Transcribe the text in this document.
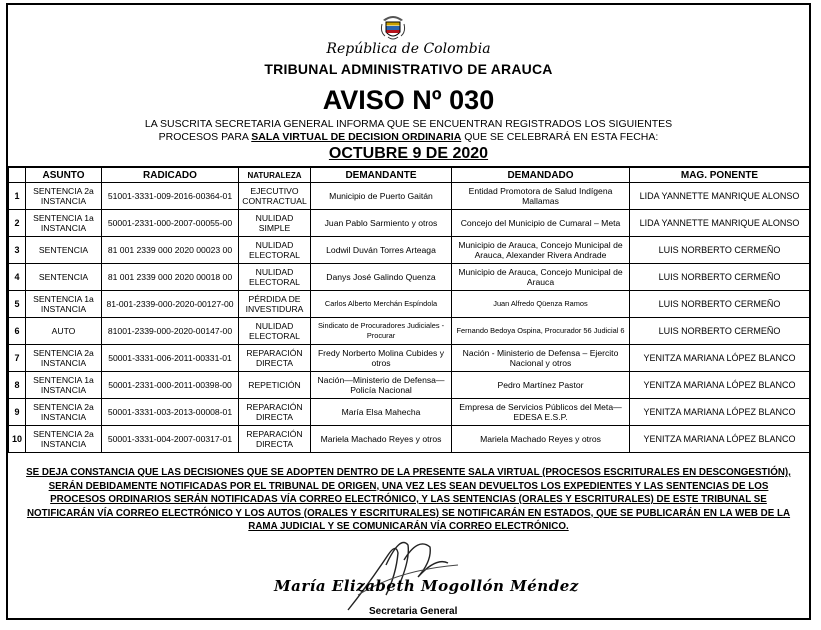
República de Colombia
TRIBUNAL ADMINISTRATIVO DE ARAUCA
AVISO Nº 030
LA SUSCRITA SECRETARIA GENERAL INFORMA QUE SE ENCUENTRAN REGISTRADOS LOS SIGUIENTES
PROCESOS PARA SALA VIRTUAL DE DECISION ORDINARIA QUE SE CELEBRARÁ EN ESTA FECHA:
OCTUBRE 9 DE 2020
	ASUNTO	RADICADO	NATURALEZA	DEMANDANTE	DEMANDADO	MAG. PONENTE
1	SENTENCIA 2a INSTANCIA	51001-3331-009-2016-00364-01	EJECUTIVO CONTRACTUAL	Municipio de Puerto Gaitán	Entidad Promotora de Salud Indígena Mallamas	LIDA YANNETTE MANRIQUE ALONSO
2	SENTENCIA 1a INSTANCIA	50001-2331-000-2007-00055-00	NULIDAD SIMPLE	Juan Pablo Sarmiento y otros	Concejo del Municipio de Cumaral – Meta	LIDA YANNETTE MANRIQUE ALONSO
3	SENTENCIA	81 001 2339 000 2020 00023 00	NULIDAD ELECTORAL	Lodwil Duván Torres Arteaga	Municipio de Arauca, Concejo Municipal de Arauca, Alexander Rivera Andrade	LUIS NORBERTO CERMEÑO
4	SENTENCIA	81 001 2339 000 2020 00018 00	NULIDAD ELECTORAL	Danys José Galindo Quenza	Municipio de Arauca, Concejo Municipal de Arauca	LUIS NORBERTO CERMEÑO
5	SENTENCIA 1a INSTANCIA	81-001-2339-000-2020-00127-00	PÉRDIDA DE INVESTIDURA	Carlos Alberto Merchán Espíndola	Juan Alfredo Qüenza Ramos	LUIS NORBERTO CERMEÑO
6	AUTO	81001-2339-000-2020-00147-00	NULIDAD ELECTORAL	Sindicato de Procuradores Judiciales - Procurar	Fernando Bedoya Ospina, Procurador 56 Judicial 6	LUIS NORBERTO CERMEÑO
7	SENTENCIA 2a INSTANCIA	50001-3331-006-2011-00331-01	REPARACIÓN DIRECTA	Fredy Norberto Molina Cubides y otros	Nación - Ministerio de Defensa – Ejercito Nacional y otros	YENITZA MARIANA LÓPEZ BLANCO
8	SENTENCIA 1a INSTANCIA	50001-2331-000-2011-00398-00	REPETICIÓN	Nación—Ministerio de Defensa—Policía Nacional	Pedro Martínez Pastor	YENITZA MARIANA LÓPEZ BLANCO
9	SENTENCIA 2a INSTANCIA	50001-3331-003-2013-00008-01	REPARACIÓN DIRECTA	María Elsa Mahecha	Empresa de Servicios Públicos del Meta—EDESA E.S.P.	YENITZA MARIANA LÓPEZ BLANCO
10	SENTENCIA 2a INSTANCIA	50001-3331-004-2007-00317-01	REPARACIÓN DIRECTA	Mariela Machado Reyes y otros	Mariela Machado Reyes y otros	YENITZA MARIANA LÓPEZ BLANCO
SE DEJA CONSTANCIA QUE LAS DECISIONES QUE SE ADOPTEN DENTRO DE LA PRESENTE SALA VIRTUAL (PROCESOS ESCRITURALES EN DESCONGESTIÓN), SERÁN DEBIDAMENTE NOTIFICADAS POR EL TRIBUNAL DE ORIGEN, UNA VEZ LES SEAN DEVUELTOS LOS EXPEDIENTES Y LAS SENTENCIAS DE LOS PROCESOS ORDINARIOS SERÁN NOTIFICADAS VÍA CORREO ELECTRÓNICO, Y LAS SENTENCIAS (ORALES Y ESCRITURALES) DE ESTE TRIBUNAL SE NOTIFICARÁN VÍA CORREO ELECTRÓNICO Y LOS AUTOS (ORALES Y ESCRITURALES) SE NOTIFICARÁN EN ESTADOS, QUE SE PUBLICARÁN EN LA WEB DE LA RAMA JUDICIAL Y SE COMUNICARÁN VÍA CORREO ELECTRÓNICO.
María Elizabeth Mogollón Méndez
Secretaria General
